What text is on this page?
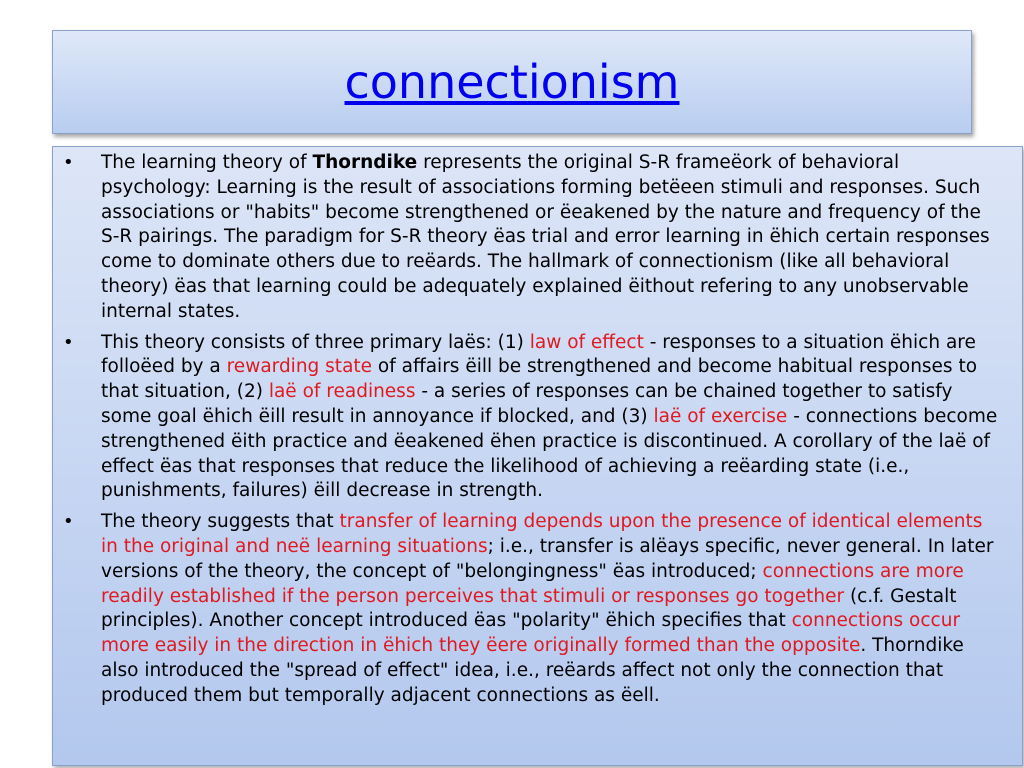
connectionism
• The learning theory of Thorndike represents the original S-R frameëork of behavioral psychology: Learning is the result of associations forming betëeen stimuli and responses. Such associations or "habits" become strengthened or ëeakened by the nature and frequency of the S-R pairings. The paradigm for S-R theory ëas trial and error learning in ëhich certain responses come to dominate others due to reëards. The hallmark of connectionism (like all behavioral theory) ëas that learning could be adequately explained ëithout refering to any unobservable internal states.
• This theory consists of three primary laës: (1) law of effect - responses to a situation ëhich are folloëed by a rewarding state of affairs ëill be strengthened and become habitual responses to that situation, (2) laë of readiness - a series of responses can be chained together to satisfy some goal ëhich ëill result in annoyance if blocked, and (3) laë of exercise - connections become strengthened ëith practice and ëeakened ëhen practice is discontinued. A corollary of the laë of effect ëas that responses that reduce the likelihood of achieving a reëarding state (i.e., punishments, failures) ëill decrease in strength.
• The theory suggests that transfer of learning depends upon the presence of identical elements in the original and neë learning situations; i.e., transfer is alëays specific, never general. In later versions of the theory, the concept of "belongingness" ëas introduced; connections are more readily established if the person perceives that stimuli or responses go together (c.f. Gestalt principles). Another concept introduced ëas "polarity" ëhich specifies that connections occur more easily in the direction in ëhich they ëere originally formed than the opposite. Thorndike also introduced the "spread of effect" idea, i.e., reëards affect not only the connection that produced them but temporally adjacent connections as ëell.
